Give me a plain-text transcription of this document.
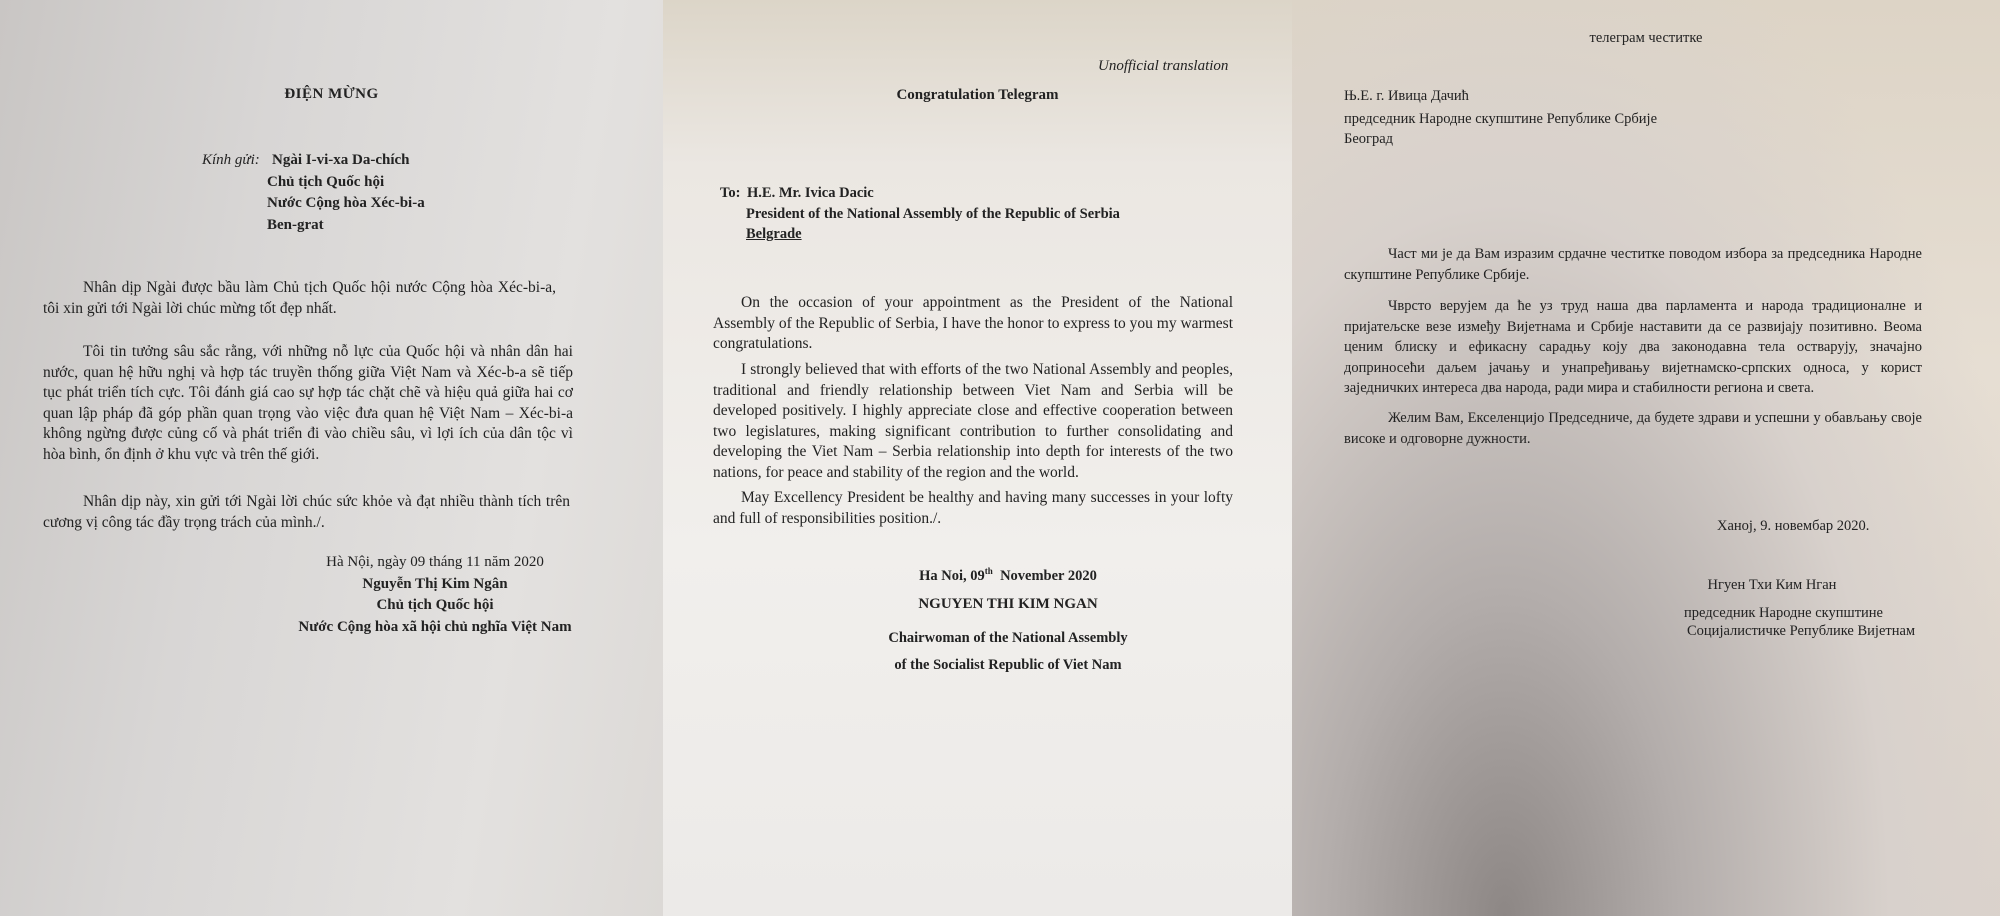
ĐIỆN MỪNG
Kính gửi: Ngài I-vi-xa Da-chích
Chủ tịch Quốc hội
Nước Cộng hòa Xéc-bi-a
Ben-grat
Nhân dịp Ngài được bầu làm Chủ tịch Quốc hội nước Cộng hòa Xéc-bi-a, tôi xin gửi tới Ngài lời chúc mừng tốt đẹp nhất.
Tôi tin tưởng sâu sắc rằng, với những nỗ lực của Quốc hội và nhân dân hai nước, quan hệ hữu nghị và hợp tác truyền thống giữa Việt Nam và Xéc-b-a sẽ tiếp tục phát triển tích cực. Tôi đánh giá cao sự hợp tác chặt chẽ và hiệu quả giữa hai cơ quan lập pháp đã góp phần quan trọng vào việc đưa quan hệ Việt Nam – Xéc-bi-a không ngừng được củng cố và phát triển đi vào chiều sâu, vì lợi ích của dân tộc vì hòa bình, ổn định ở khu vực và trên thế giới.
Nhân dịp này, xin gửi tới Ngài lời chúc sức khỏe và đạt nhiều thành tích trên cương vị công tác đầy trọng trách của mình./.
Hà Nội, ngày 09 tháng 11 năm 2020
Nguyễn Thị Kim Ngân
Chủ tịch Quốc hội
Nước Cộng hòa xã hội chủ nghĩa Việt Nam
Unofficial translation
Congratulation Telegram
To: H.E. Mr. Ivica Dacic
President of the National Assembly of the Republic of Serbia
Belgrade
On the occasion of your appointment as the President of the National Assembly of the Republic of Serbia, I have the honor to express to you my warmest congratulations.
I strongly believed that with efforts of the two National Assembly and peoples, traditional and friendly relationship between Viet Nam and Serbia will be developed positively. I highly appreciate close and effective cooperation between two legislatures, making significant contribution to further consolidating and developing the Viet Nam – Serbia relationship into depth for interests of the two nations, for peace and stability of the region and the world.
May Excellency President be healthy and having many successes in your lofty and full of responsibilities position./.
Ha Noi, 09th November 2020
NGUYEN THI KIM NGAN
Chairwoman of the National Assembly
of the Socialist Republic of Viet Nam
телеграм честитке
Њ.Е. г. Ивица Дачић
председник Народне скупштине Републике Србије
Београд
Част ми је да Вам изразим срдачне честитке поводом избора за председника Народне скупштине Републике Србије.
Чврсто верујем да ће уз труд наша два парламента и народа традиционалне и пријатељске везе између Вијетнама и Србије наставити да се развијају позитивно. Веома ценим блиску и ефикасну сарадњу коју два законодавна тела остварују, значајно доприносећи даљем јачању и унапређивању вијетнамско-српских односа, у корист заједничких интереса два народа, ради мира и стабилности региона и света.
Желим Вам, Екселенцијо Председниче, да будете здрави и успешни у обављању своје високе и одговорне дужности.
Ханој, 9. новембар 2020.
Нгуен Тхи Ким Нган
председник Народне скупштине
Социјалистичке Републике Вијетнам
